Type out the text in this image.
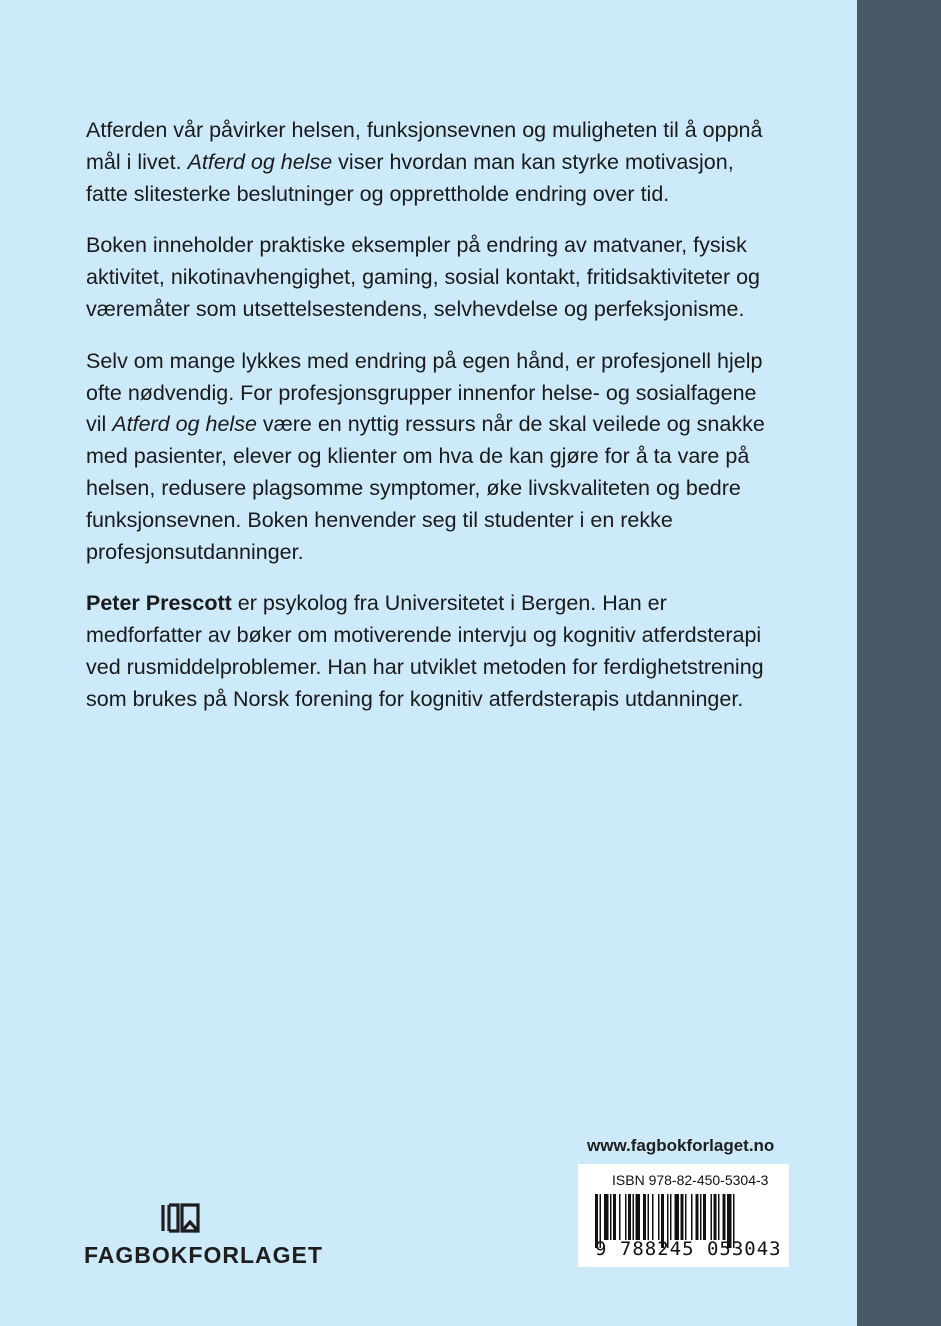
Atferden vår påvirker helsen, funksjonsevnen og muligheten til å oppnå mål i livet. Atferd og helse viser hvordan man kan styrke motivasjon, fatte slitesterke beslutninger og opprettholde endring over tid.

Boken inneholder praktiske eksempler på endring av matvaner, fysisk aktivitet, nikotinavhengighet, gaming, sosial kontakt, fritidsaktiviteter og væremåter som utsettelsestendens, selvhevdelse og perfeksjonisme.

Selv om mange lykkes med endring på egen hånd, er profesjonell hjelp ofte nødvendig. For profesjonsgrupper innenfor helse- og sosialfagene vil Atferd og helse være en nyttig ressurs når de skal veilede og snakke med pasienter, elever og klienter om hva de kan gjøre for å ta vare på helsen, redusere plagsomme symptomer, øke livskvaliteten og bedre funksjonsevnen. Boken henvender seg til studenter i en rekke profesjonsutdanninger.

Peter Prescott er psykolog fra Universitetet i Bergen. Han er medforfatter av bøker om motiverende intervju og kognitiv atferdsterapi ved rusmiddelproblemer. Han har utviklet metoden for ferdighetstrening som brukes på Norsk forening for kognitiv atferdsterapis utdanninger.

FAGBOKFORLAGET
www.fagbokforlaget.no
ISBN 978-82-450-5304-3
9 788245 053043
